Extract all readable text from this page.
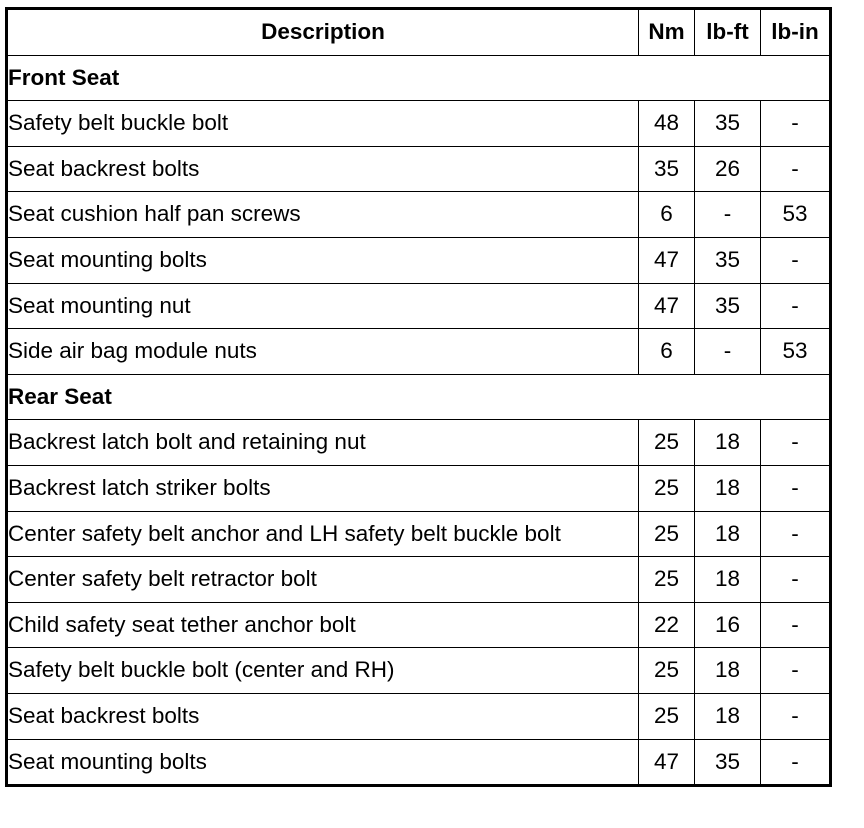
Description	Nm	lb-ft	lb-in
Front Seat			
Safety belt buckle bolt	48	35	-
Seat backrest bolts	35	26	-
Seat cushion half pan screws	6	-	53
Seat mounting bolts	47	35	-
Seat mounting nut	47	35	-
Side air bag module nuts	6	-	53
Rear Seat			
Backrest latch bolt and retaining nut	25	18	-
Backrest latch striker bolts	25	18	-
Center safety belt anchor and LH safety belt buckle bolt	25	18	-
Center safety belt retractor bolt	25	18	-
Child safety seat tether anchor bolt	22	16	-
Safety belt buckle bolt (center and RH)	25	18	-
Seat backrest bolts	25	18	-
Seat mounting bolts	47	35	-
